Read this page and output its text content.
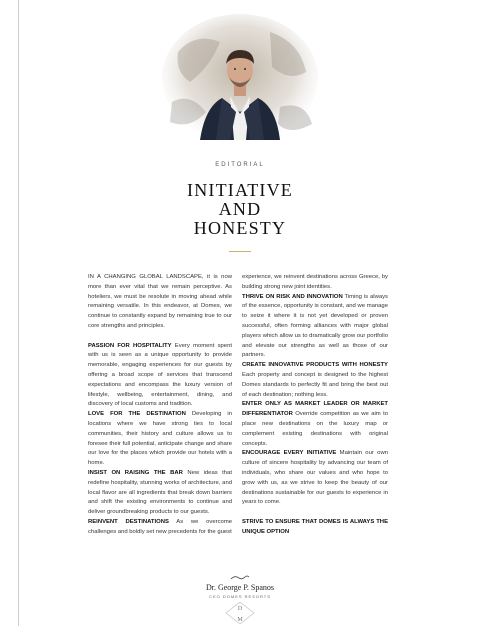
EDITORIAL
INITIATIVE
AND
HONESTY

IN A CHANGING GLOBAL LANDSCAPE, it is now more than ever vital that we remain perceptive. As hoteliers, we must be resolute in moving ahead while remaining versatile. In this endeavor, at Domes, we continue to constantly expand by remaining true to our core strengths and principles.

PASSION FOR HOSPITALITY Every moment spent with us is seen as a unique opportunity to provide memorable, engaging experiences for our guests by offering a broad scope of services that transcend expectations and encompass the luxury version of lifestyle, wellbeing, entertainment, dining, and discovery of local customs and tradition.

LOVE FOR THE DESTINATION Developing in locations where we have strong ties to local communities, their history and culture allows us to foresee their full potential, anticipate change and share our love for the places which provide our hotels with a home.

INSIST ON RAISING THE BAR New ideas that redefine hospitality, stunning works of architecture, and local flavor are all ingredients that break down barriers and shift the existing environments to continue and deliver groundbreaking products to our guests.

REINVENT DESTINATIONS As we overcome challenges and boldly set new precedents for the guest

experience, we reinvent destinations across Greece, by building strong new joint identities.

THRIVE ON RISK AND INNOVATION Timing is always of the essence, opportunity is constant, and we manage to seize it where it is not yet developed or proven successful, often forming alliances with major global players which allow us to dramatically grow our portfolio and elevate our strengths as well as those of our partners.

CREATE INNOVATIVE PRODUCTS WITH HONESTY Each property and concept is designed to the highest Domes standards to perfectly fit and bring the best out of each destination; nothing less.

ENTER ONLY AS MARKET LEADER OR MARKET DIFFERENTIATOR Override competition as we aim to place new destinations on the luxury map or complement existing destinations with original concepts.

ENCOURAGE EVERY INITIATIVE Maintain our own culture of sincere hospitality by advancing our team of individuals, who share our values and who hope to grow with us, as we strive to keep the beauty of our destinations sustainable for our guests to experience in years to come.

STRIVE TO ENSURE THAT DOMES IS ALWAYS THE UNIQUE OPTION

Dr. George P. Spanos
CEO DOMES RESORTS
D
M
